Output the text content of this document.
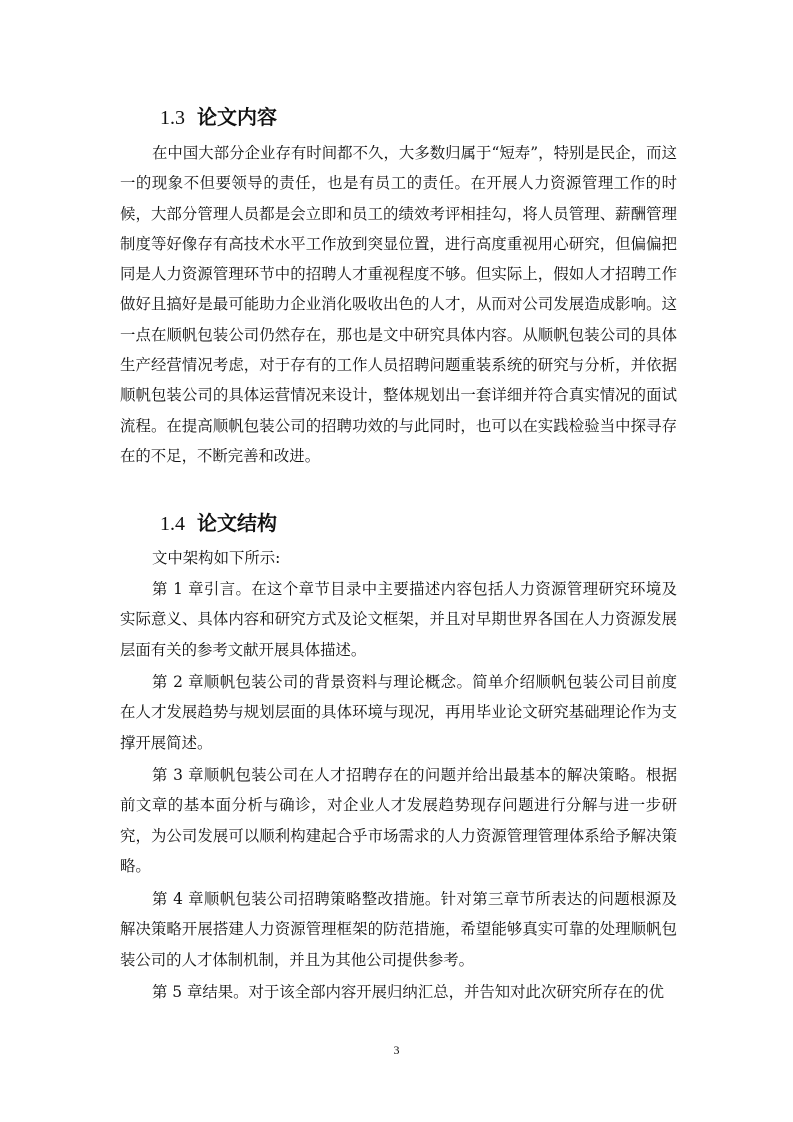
1.3 论文内容

在中国大部分企业存有时间都不久，大多数归属于“短寿”，特别是民企，而这一的现象不但要领导的责任，也是有员工的责任。在开展人力资源管理工作的时候，大部分管理人员都是会立即和员工的绩效考评相挂勾，将人员管理、薪酬管理制度等好像存有高技术水平工作放到突显位置，进行高度重视用心研究，但偏偏把同是人力资源管理环节中的招聘人才重视程度不够。但实际上，假如人才招聘工作做好且搞好是最可能助力企业消化吸收出色的人才，从而对公司发展造成影响。这一点在顺帆包装公司仍然存在，那也是文中研究具体内容。从顺帆包装公司的具体生产经营情况考虑，对于存有的工作人员招聘问题重装系统的研究与分析，并依据顺帆包装公司的具体运营情况来设计，整体规划出一套详细并符合真实情况的面试流程。在提高顺帆包装公司的招聘功效的与此同时，也可以在实践检验当中探寻存在的不足，不断完善和改进。

1.4 论文结构

文中架构如下所示:

第 1 章引言。在这个章节目录中主要描述内容包括人力资源管理研究环境及实际意义、具体内容和研究方式及论文框架，并且对早期世界各国在人力资源发展层面有关的参考文献开展具体描述。

第 2 章顺帆包装公司的背景资料与理论概念。简单介绍顺帆包装公司目前度在人才发展趋势与规划层面的具体环境与现况，再用毕业论文研究基础理论作为支撑开展简述。

第 3 章顺帆包装公司在人才招聘存在的问题并给出最基本的解决策略。根据前文章的基本面分析与确诊，对企业人才发展趋势现存问题进行分解与进一步研究，为公司发展可以顺利构建起合乎市场需求的人力资源管理管理体系给予解决策略。

第 4 章顺帆包装公司招聘策略整改措施。针对第三章节所表达的问题根源及解决策略开展搭建人力资源管理框架的防范措施，希望能够真实可靠的处理顺帆包装公司的人才体制机制，并且为其他公司提供参考。

第 5 章结果。对于该全部内容开展归纳汇总，并告知对此次研究所存在的优

3
